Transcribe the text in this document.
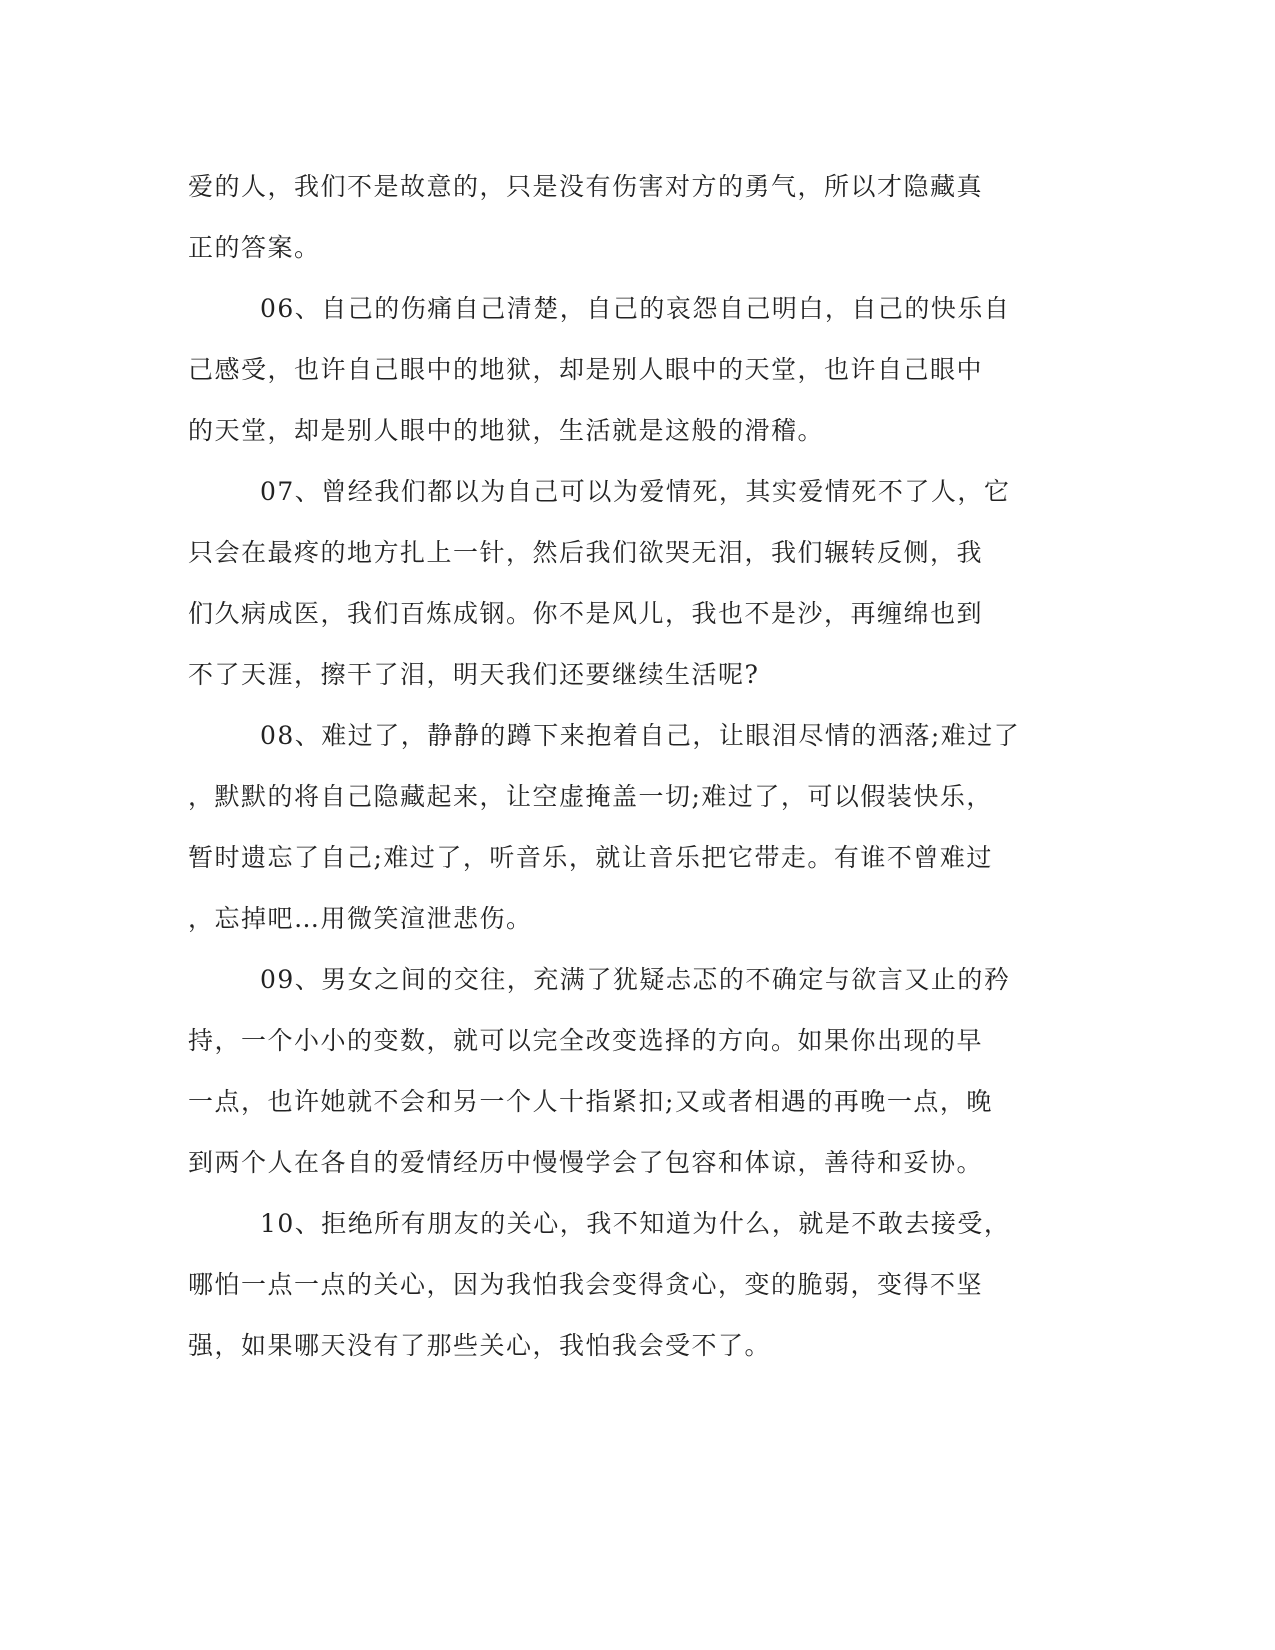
爱的人，我们不是故意的，只是没有伤害对方的勇气，所以才隐藏真
正的答案。
06、自己的伤痛自己清楚，自己的哀怨自己明白，自己的快乐自
己感受，也许自己眼中的地狱，却是别人眼中的天堂，也许自己眼中
的天堂，却是别人眼中的地狱，生活就是这般的滑稽。
07、曾经我们都以为自己可以为爱情死，其实爱情死不了人，它
只会在最疼的地方扎上一针，然后我们欲哭无泪，我们辗转反侧，我
们久病成医，我们百炼成钢。你不是风儿，我也不是沙，再缠绵也到
不了天涯，擦干了泪，明天我们还要继续生活呢?
08、难过了，静静的蹲下来抱着自己，让眼泪尽情的洒落;难过了
，默默的将自己隐藏起来，让空虚掩盖一切;难过了，可以假装快乐，
暂时遗忘了自己;难过了，听音乐，就让音乐把它带走。有谁不曾难过
，忘掉吧…用微笑渲泄悲伤。
09、男女之间的交往，充满了犹疑忐忑的不确定与欲言又止的矜
持，一个小小的变数，就可以完全改变选择的方向。如果你出现的早
一点，也许她就不会和另一个人十指紧扣;又或者相遇的再晚一点，晚
到两个人在各自的爱情经历中慢慢学会了包容和体谅，善待和妥协。
10、拒绝所有朋友的关心，我不知道为什么，就是不敢去接受，
哪怕一点一点的关心，因为我怕我会变得贪心，变的脆弱，变得不坚
强，如果哪天没有了那些关心，我怕我会受不了。
